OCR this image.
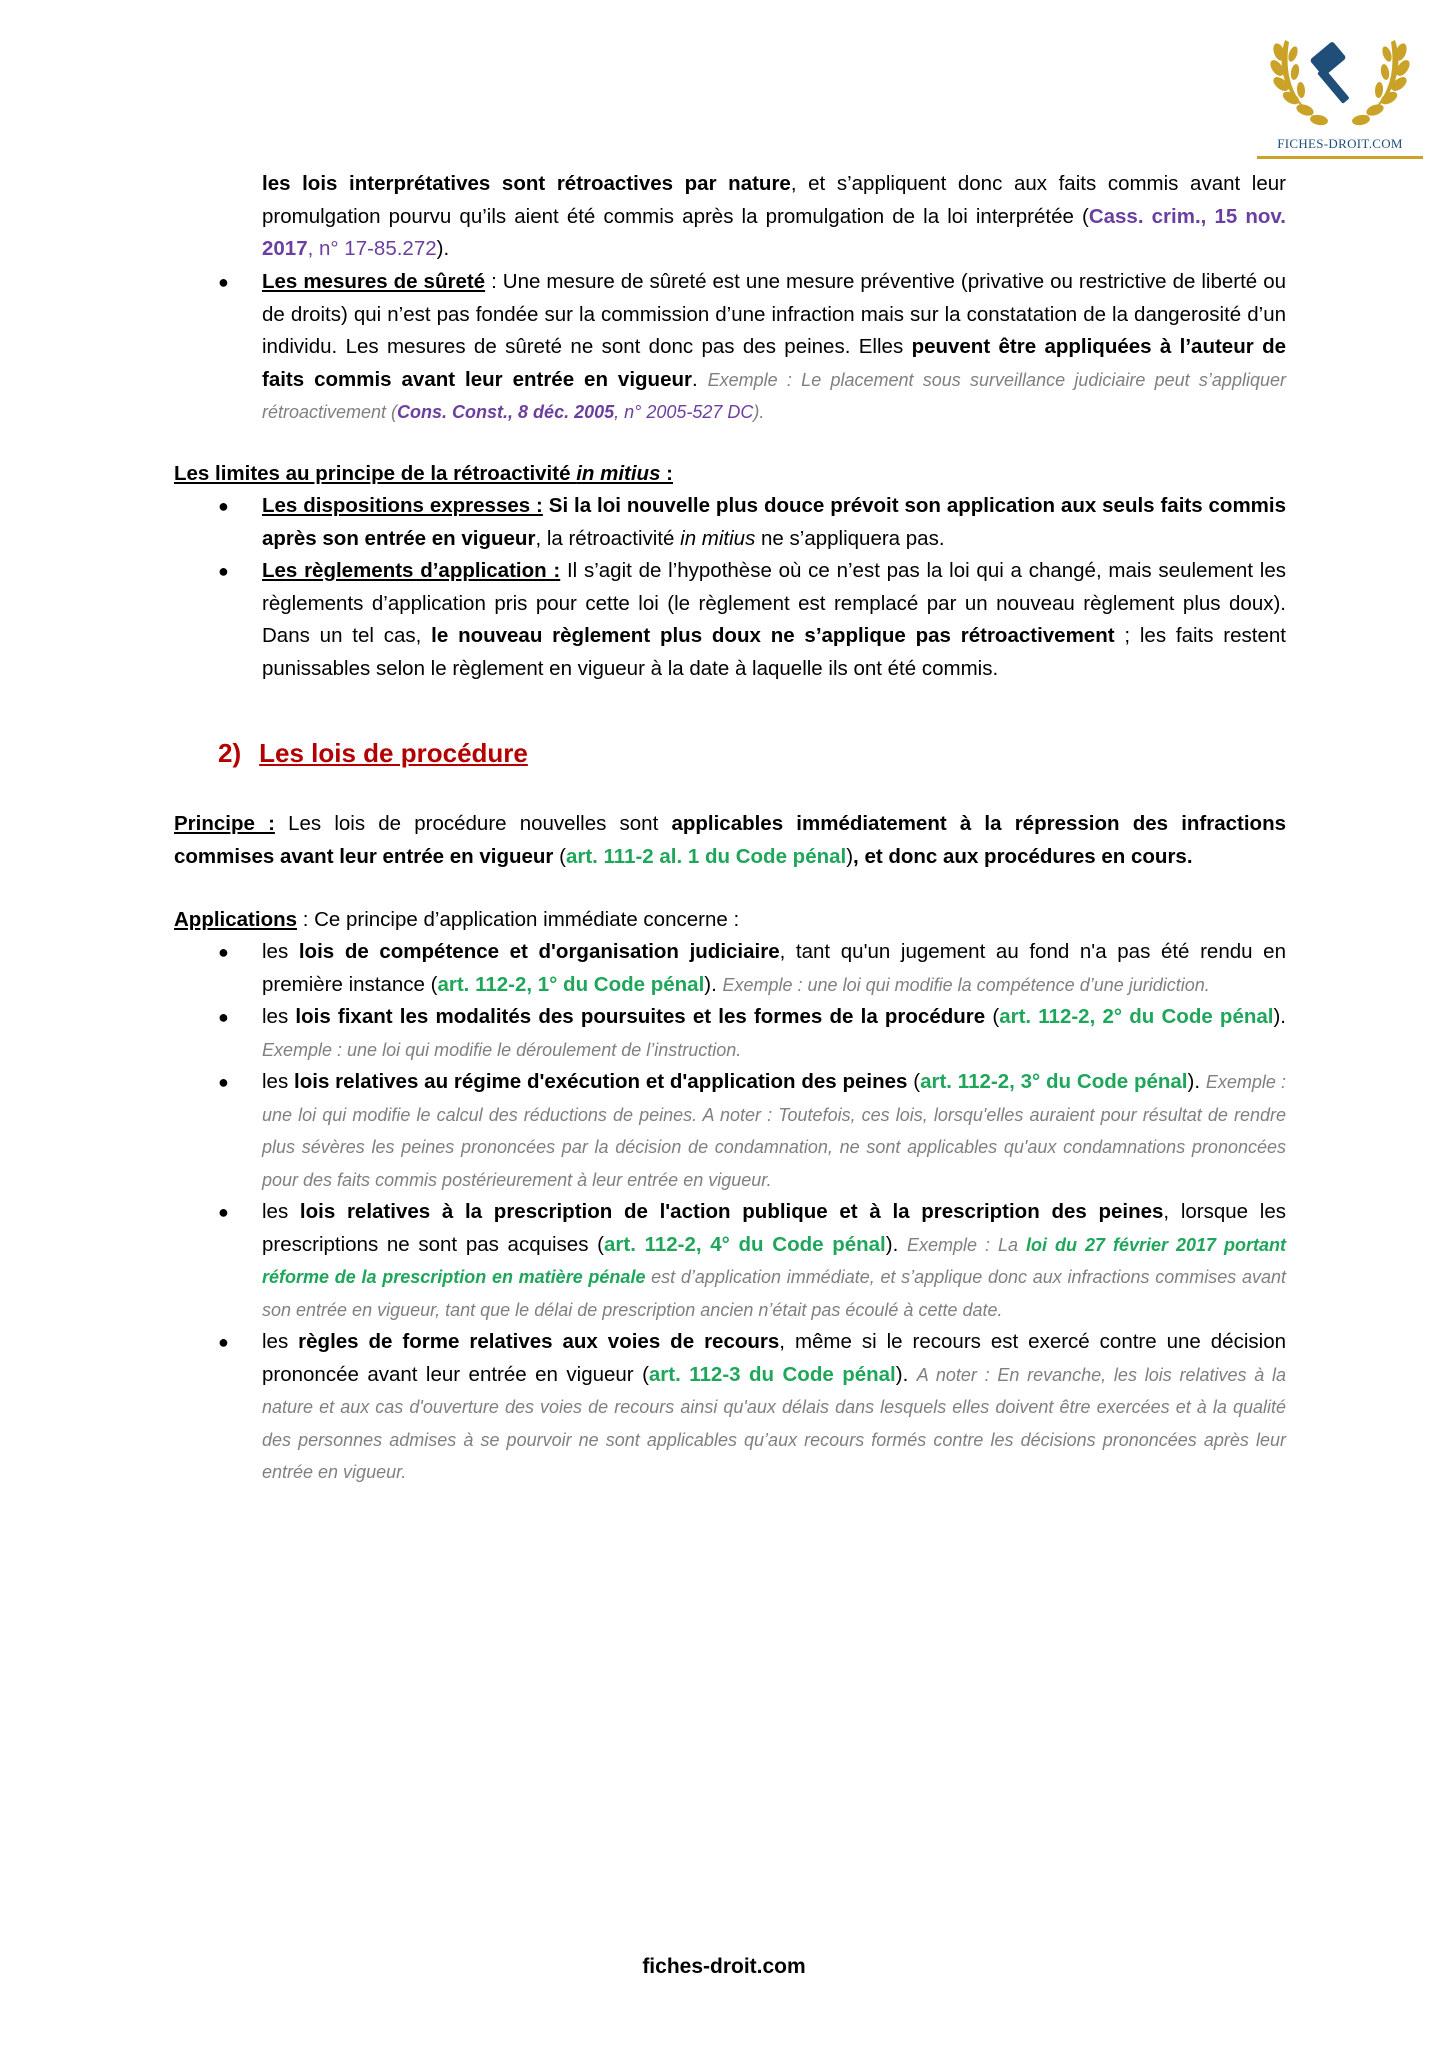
FICHES-DROIT.COM
les lois interprétatives sont rétroactives par nature, et s’appliquent donc aux faits commis avant leur promulgation pourvu qu’ils aient été commis après la promulgation de la loi interprétée (Cass. crim., 15 nov. 2017, n° 17-85.272).
● Les mesures de sûreté : Une mesure de sûreté est une mesure préventive (privative ou restrictive de liberté ou de droits) qui n’est pas fondée sur la commission d’une infraction mais sur la constatation de la dangerosité d’un individu. Les mesures de sûreté ne sont donc pas des peines. Elles peuvent être appliquées à l’auteur de faits commis avant leur entrée en vigueur. Exemple : Le placement sous surveillance judiciaire peut s’appliquer rétroactivement (Cons. Const., 8 déc. 2005, n° 2005-527 DC).
Les limites au principe de la rétroactivité in mitius :
● Les dispositions expresses : Si la loi nouvelle plus douce prévoit son application aux seuls faits commis après son entrée en vigueur, la rétroactivité in mitius ne s’appliquera pas.
● Les règlements d’application : Il s’agit de l’hypothèse où ce n’est pas la loi qui a changé, mais seulement les règlements d’application pris pour cette loi (le règlement est remplacé par un nouveau règlement plus doux). Dans un tel cas, le nouveau règlement plus doux ne s’applique pas rétroactivement ; les faits restent punissables selon le règlement en vigueur à la date à laquelle ils ont été commis.
2) Les lois de procédure
Principe : Les lois de procédure nouvelles sont applicables immédiatement à la répression des infractions commises avant leur entrée en vigueur (art. 111-2 al. 1 du Code pénal), et donc aux procédures en cours.
Applications : Ce principe d’application immédiate concerne :
● les lois de compétence et d'organisation judiciaire, tant qu'un jugement au fond n'a pas été rendu en première instance (art. 112-2, 1° du Code pénal). Exemple : une loi qui modifie la compétence d’une juridiction.
● les lois fixant les modalités des poursuites et les formes de la procédure (art. 112-2, 2° du Code pénal). Exemple : une loi qui modifie le déroulement de l’instruction.
● les lois relatives au régime d'exécution et d'application des peines (art. 112-2, 3° du Code pénal). Exemple : une loi qui modifie le calcul des réductions de peines. A noter : Toutefois, ces lois, lorsqu'elles auraient pour résultat de rendre plus sévères les peines prononcées par la décision de condamnation, ne sont applicables qu'aux condamnations prononcées pour des faits commis postérieurement à leur entrée en vigueur.
● les lois relatives à la prescription de l'action publique et à la prescription des peines, lorsque les prescriptions ne sont pas acquises (art. 112-2, 4° du Code pénal). Exemple : La loi du 27 février 2017 portant réforme de la prescription en matière pénale est d’application immédiate, et s’applique donc aux infractions commises avant son entrée en vigueur, tant que le délai de prescription ancien n’était pas écoulé à cette date.
● les règles de forme relatives aux voies de recours, même si le recours est exercé contre une décision prononcée avant leur entrée en vigueur (art. 112-3 du Code pénal). A noter : En revanche, les lois relatives à la nature et aux cas d'ouverture des voies de recours ainsi qu'aux délais dans lesquels elles doivent être exercées et à la qualité des personnes admises à se pourvoir ne sont applicables qu’aux recours formés contre les décisions prononcées après leur entrée en vigueur.
fiches-droit.com
